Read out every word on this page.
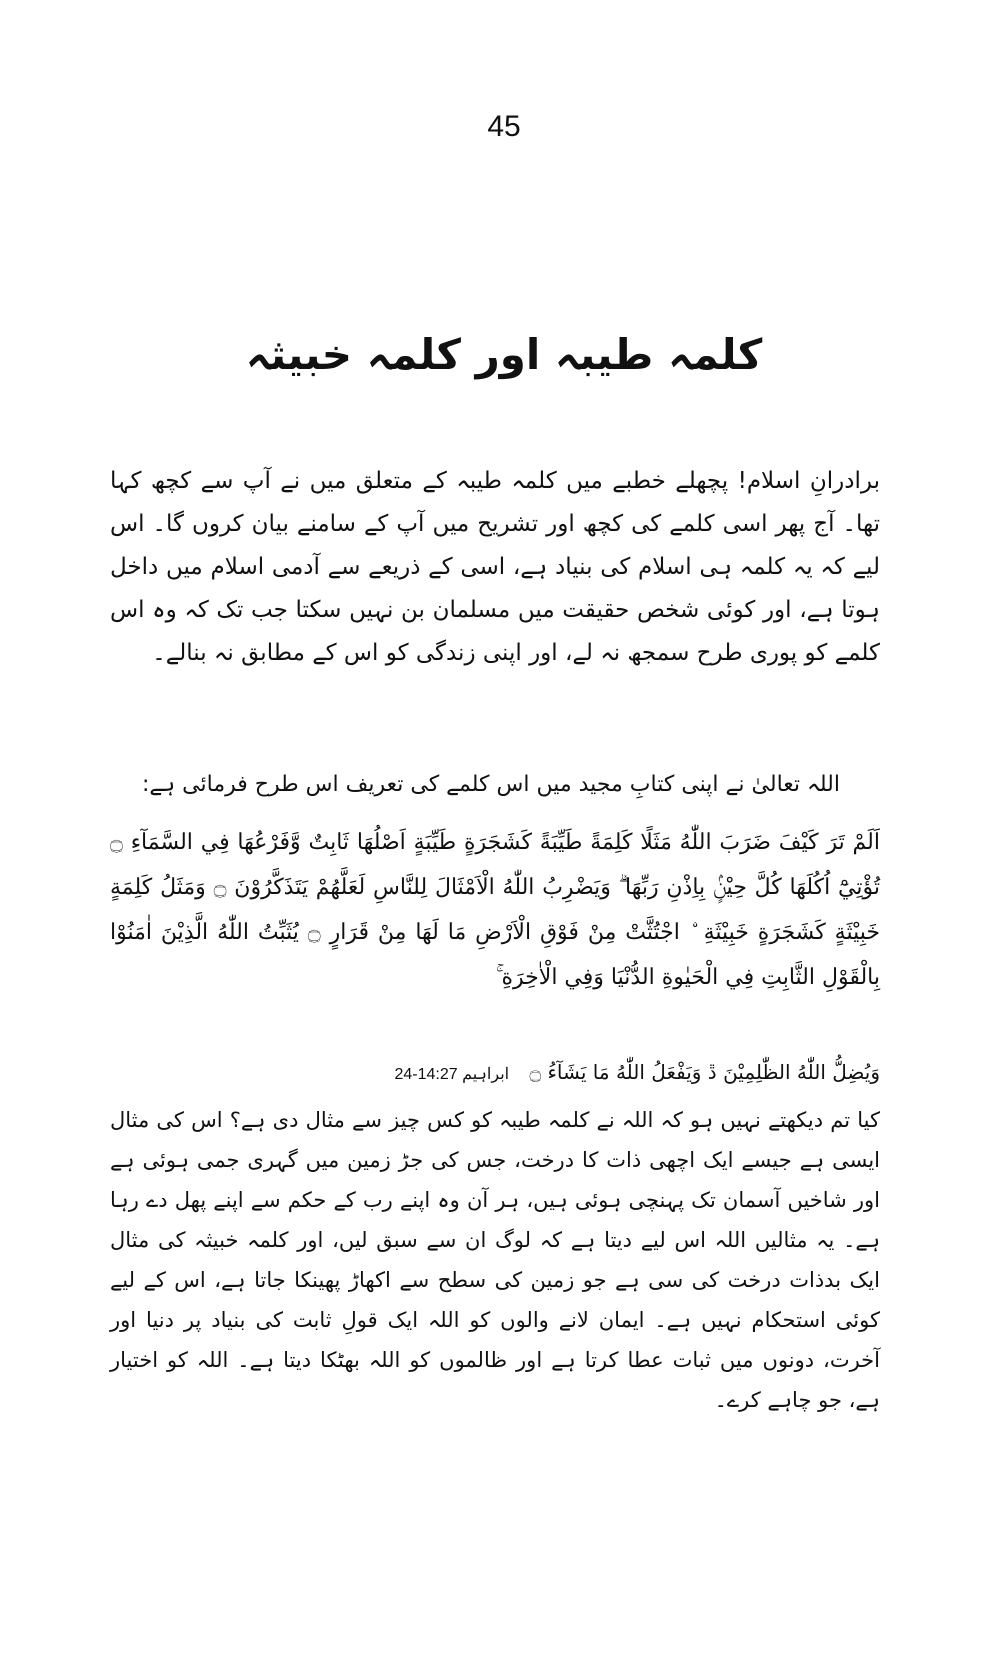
45
کلمہ طیبہ اور کلمہ خبیثہ
برادرانِ اسلام! پچھلے خطبے میں کلمہ طیبہ کے متعلق میں نے آپ سے کچھ کہا تھا۔ آج پھر اسی کلمے کی کچھ اور تشریح میں آپ کے سامنے بیان کروں گا۔ اس لیے کہ یہ کلمہ ہی اسلام کی بنیاد ہے، اسی کے ذریعے سے آدمی اسلام میں داخل ہوتا ہے، اور کوئی شخص حقیقت میں مسلمان بن نہیں سکتا جب تک کہ وہ اس کلمے کو پوری طرح سمجھ نہ لے، اور اپنی زندگی کو اس کے مطابق نہ بنالے۔
اللہ تعالیٰ نے اپنی کتابِ مجید میں اس کلمے کی تعریف اس طرح فرمائی ہے:
اَلَمْ تَرَ كَيْفَ ضَرَبَ اللّٰهُ مَثَلًا كَلِمَةً طَيِّبَةً كَشَجَرَةٍ طَيِّبَةٍ اَصْلُهَا ثَابِتٌ وَّفَرْعُهَا فِي السَّمَآءِ ۝ تُؤْتِيْٓ اُكُلَهَا كُلَّ حِيْنٍۢ بِاِذْنِ رَبِّهَا ۗ وَيَضْرِبُ اللّٰهُ الْاَمْثَالَ لِلنَّاسِ لَعَلَّهُمْ يَتَذَكَّرُوْنَ ۝ وَمَثَلُ كَلِمَةٍ خَبِيْثَةٍ كَشَجَرَةٍ خَبِيْثَةِ ۨ اجْتُثَّتْ مِنْ فَوْقِ الْاَرْضِ مَا لَهَا مِنْ قَرَارٍ ۝ يُثَبِّتُ اللّٰهُ الَّذِيْنَ اٰمَنُوْا بِالْقَوْلِ الثَّابِتِ فِي الْحَيٰوةِ الدُّنْيَا وَفِي الْاٰخِرَةِ ۚ
وَيُضِلُّ اللّٰهُ الظّٰلِمِيْنَ ڐ وَيَفْعَلُ اللّٰهُ مَا يَشَآءُ ۝ ابراہیم 14:27-24
کیا تم دیکھتے نہیں ہو کہ اللہ نے کلمہ طیبہ کو کس چیز سے مثال دی ہے؟ اس کی مثال ایسی ہے جیسے ایک اچھی ذات کا درخت، جس کی جڑ زمین میں گہری جمی ہوئی ہے اور شاخیں آسمان تک پہنچی ہوئی ہیں، ہر آن وہ اپنے رب کے حکم سے اپنے پھل دے رہا ہے۔ یہ مثالیں اللہ اس لیے دیتا ہے کہ لوگ ان سے سبق لیں، اور کلمہ خبیثہ کی مثال ایک بدذات درخت کی سی ہے جو زمین کی سطح سے اکھاڑ پھینکا جاتا ہے، اس کے لیے کوئی استحکام نہیں ہے۔ ایمان لانے والوں کو اللہ ایک قولِ ثابت کی بنیاد پر دنیا اور آخرت، دونوں میں ثبات عطا کرتا ہے اور ظالموں کو اللہ بھٹکا دیتا ہے۔ اللہ کو اختیار ہے، جو چاہے کرے۔
